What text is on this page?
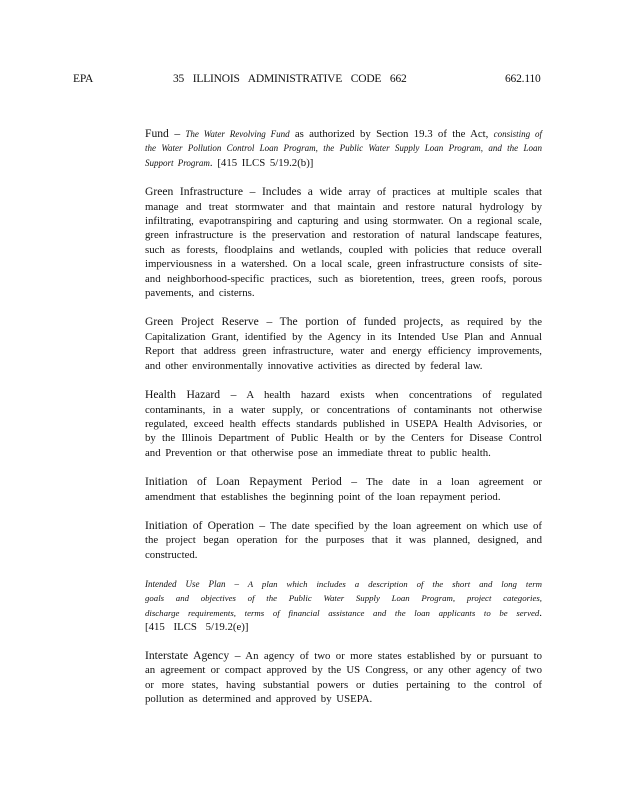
EPA	35 ILLINOIS ADMINISTRATIVE CODE 662	662.110

Fund – The Water Revolving Fund as authorized by Section 19.3 of the Act, consisting of the Water Pollution Control Loan Program, the Public Water Supply Loan Program, and the Loan Support Program. [415 ILCS 5/19.2(b)]

Green Infrastructure – Includes a wide array of practices at multiple scales that manage and treat stormwater and that maintain and restore natural hydrology by infiltrating, evapotranspiring and capturing and using stormwater. On a regional scale, green infrastructure is the preservation and restoration of natural landscape features, such as forests, floodplains and wetlands, coupled with policies that reduce overall imperviousness in a watershed. On a local scale, green infrastructure consists of site-and neighborhood-specific practices, such as bioretention, trees, green roofs, porous pavements, and cisterns.

Green Project Reserve – The portion of funded projects, as required by the Capitalization Grant, identified by the Agency in its Intended Use Plan and Annual Report that address green infrastructure, water and energy efficiency improvements, and other environmentally innovative activities as directed by federal law.

Health Hazard – A health hazard exists when concentrations of regulated contaminants, in a water supply, or concentrations of contaminants not otherwise regulated, exceed health effects standards published in USEPA Health Advisories, or by the Illinois Department of Public Health or by the Centers for Disease Control and Prevention or that otherwise pose an immediate threat to public health.

Initiation of Loan Repayment Period – The date in a loan agreement or amendment that establishes the beginning point of the loan repayment period.

Initiation of Operation – The date specified by the loan agreement on which use of the project began operation for the purposes that it was planned, designed, and constructed.

Intended Use Plan – A plan which includes a description of the short and long term goals and objectives of the Public Water Supply Loan Program, project categories, discharge requirements, terms of financial assistance and the loan applicants to be served. [415 ILCS 5/19.2(e)]

Interstate Agency – An agency of two or more states established by or pursuant to an agreement or compact approved by the US Congress, or any other agency of two or more states, having substantial powers or duties pertaining to the control of pollution as determined and approved by USEPA.
